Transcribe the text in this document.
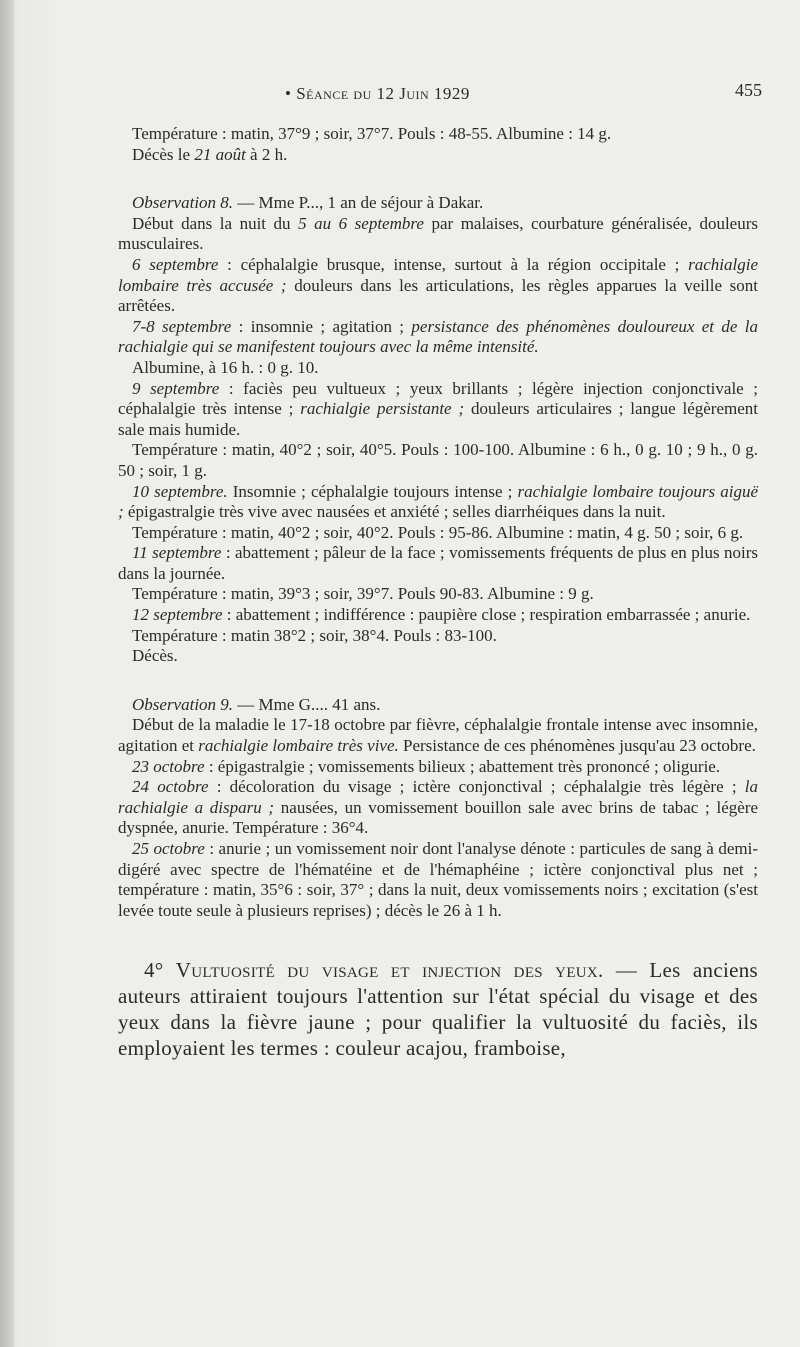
• Séance du 12 Juin 1929	455

Température : matin, 37°9 ; soir, 37°7. Pouls : 48-55. Albumine : 14 g.

Décès le 21 août à 2 h.

Observation 8. — Mme P..., 1 an de séjour à Dakar.

Début dans la nuit du 5 au 6 septembre par malaises, courbature généralisée, douleurs musculaires.

6 septembre : céphalalgie brusque, intense, surtout à la région occipitale ; rachialgie lombaire très accusée ; douleurs dans les articulations, les règles apparues la veille sont arrêtées.

7-8 septembre : insomnie ; agitation ; persistance des phénomènes douloureux et de la rachialgie qui se manifestent toujours avec la même intensité.

Albumine, à 16 h. : 0 g. 10.

9 septembre : faciès peu vultueux ; yeux brillants ; légère injection conjonctivale ; céphalalgie très intense ; rachialgie persistante ; douleurs articulaires ; langue légèrement sale mais humide.

Température : matin, 40°2 ; soir, 40°5. Pouls : 100-100. Albumine : 6 h., 0 g. 10 ; 9 h., 0 g. 50 ; soir, 1 g.

10 septembre. Insomnie ; céphalalgie toujours intense ; rachialgie lombaire toujours aiguë ; épigastralgie très vive avec nausées et anxiété ; selles diarrhéiques dans la nuit.

Température : matin, 40°2 ; soir, 40°2. Pouls : 95-86. Albumine : matin, 4 g. 50 ; soir, 6 g.

11 septembre : abattement ; pâleur de la face ; vomissements fréquents de plus en plus noirs dans la journée.

Température : matin, 39°3 ; soir, 39°7. Pouls 90-83. Albumine : 9 g.

12 septembre : abattement ; indifférence : paupière close ; respiration embarrassée ; anurie.

Température : matin 38°2 ; soir, 38°4. Pouls : 83-100.

Décès.

Observation 9. — Mme G.... 41 ans.

Début de la maladie le 17-18 octobre par fièvre, céphalalgie frontale intense avec insomnie, agitation et rachialgie lombaire très vive. Persistance de ces phénomènes jusqu'au 23 octobre.

23 octobre : épigastralgie ; vomissements bilieux ; abattement très prononcé ; oligurie.

24 octobre : décoloration du visage ; ictère conjonctival ; céphalalgie très légère ; la rachialgie a disparu ; nausées, un vomissement bouillon sale avec brins de tabac ; légère dyspnée, anurie. Température : 36°4.

25 octobre : anurie ; un vomissement noir dont l'analyse dénote : particules de sang à demi-digéré avec spectre de l'hématéine et de l'hémaphéine ; ictère conjonctival plus net ; température : matin, 35°6 : soir, 37° ; dans la nuit, deux vomissements noirs ; excitation (s'est levée toute seule à plusieurs reprises) ; décès le 26 à 1 h.

4° Vultuosité du visage et injection des yeux. — Les anciens auteurs attiraient toujours l'attention sur l'état spécial du visage et des yeux dans la fièvre jaune ; pour qualifier la vultuosité du faciès, ils employaient les termes : couleur acajou, framboise,
